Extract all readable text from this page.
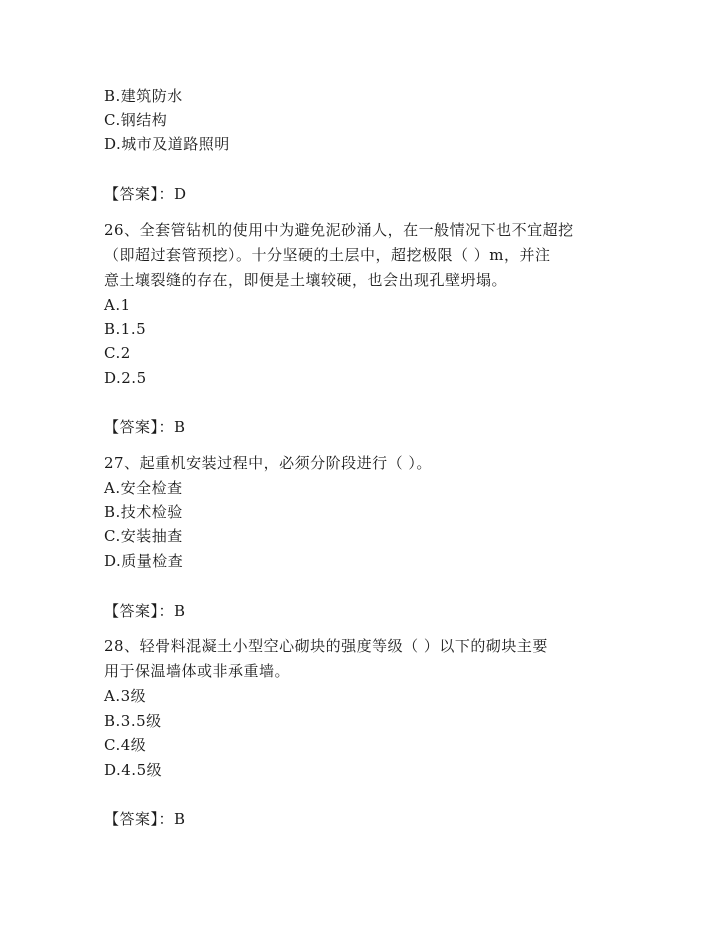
B.建筑防水
C.钢结构
D.城市及道路照明
【答案】：D
26、全套管钻机的使用中为避免泥砂涌人，在一般情况下也不宜超挖
（即超过套管预挖）。十分坚硬的土层中，超挖极限（ ）m，并注
意土壤裂缝的存在，即便是土壤较硬，也会出现孔壁坍塌。
A.1
B.1.5
C.2
D.2.5
【答案】：B
27、起重机安装过程中，必须分阶段进行（ ）。
A.安全检查
B.技术检验
C.安装抽查
D.质量检查
【答案】：B
28、轻骨料混凝土小型空心砌块的强度等级（ ）以下的砌块主要
用于保温墙体或非承重墙。
A.3级
B.3.5级
C.4级
D.4.5级
【答案】：B
